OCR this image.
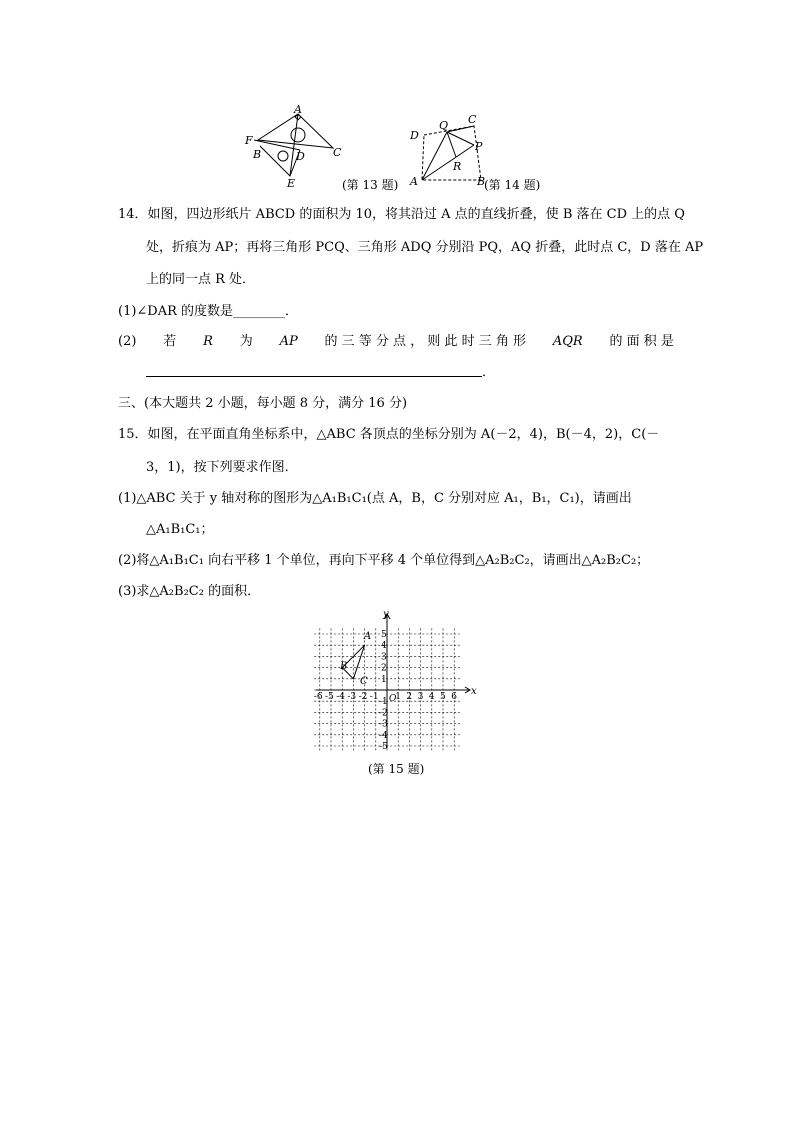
A
F
B	D	C
E	(第 13 题)
D
Q C
P
R
A	B
(第 14 题)
14．如图，四边形纸片 ABCD 的面积为 10，将其沿过 A 点的直线折叠，使 B 落在 CD 上的点 Q
处，折痕为 AP；再将三角形 PCQ、三角形 ADQ 分别沿 PQ，AQ 折叠，此时点 C，D 落在 AP
上的同一点 R 处．
(1)∠DAR 的度数是________．
(2) 若 R 为 AP 的 三 等 分 点 ， 则 此 时 三 角 形 AQR 的 面 积 是
．
三、(本大题共 2 小题，每小题 8 分，满分 16 分)
15．如图，在平面直角坐标系中，△ABC 各顶点的坐标分别为 A(－2，4)，B(－4，2)，C(－
3，1)，按下列要求作图．
(1)△ABC 关于 y 轴对称的图形为△A₁B₁C₁(点 A，B，C 分别对应 A₁，B₁，C₁)，请画出
△A₁B₁C₁；
(2)将△A₁B₁C₁ 向右平移 1 个单位，再向下平移 4 个单位得到△A₂B₂C₂，请画出△A₂B₂C₂；
(3)求△A₂B₂C₂ 的面积．
-6 -5 -4 -3 -2 -1 1 2 3 4 5 6
5
4
3
2
1
-1
-2
-3
-4
-5
x
y
O
A
B
C
(第 15 题)
